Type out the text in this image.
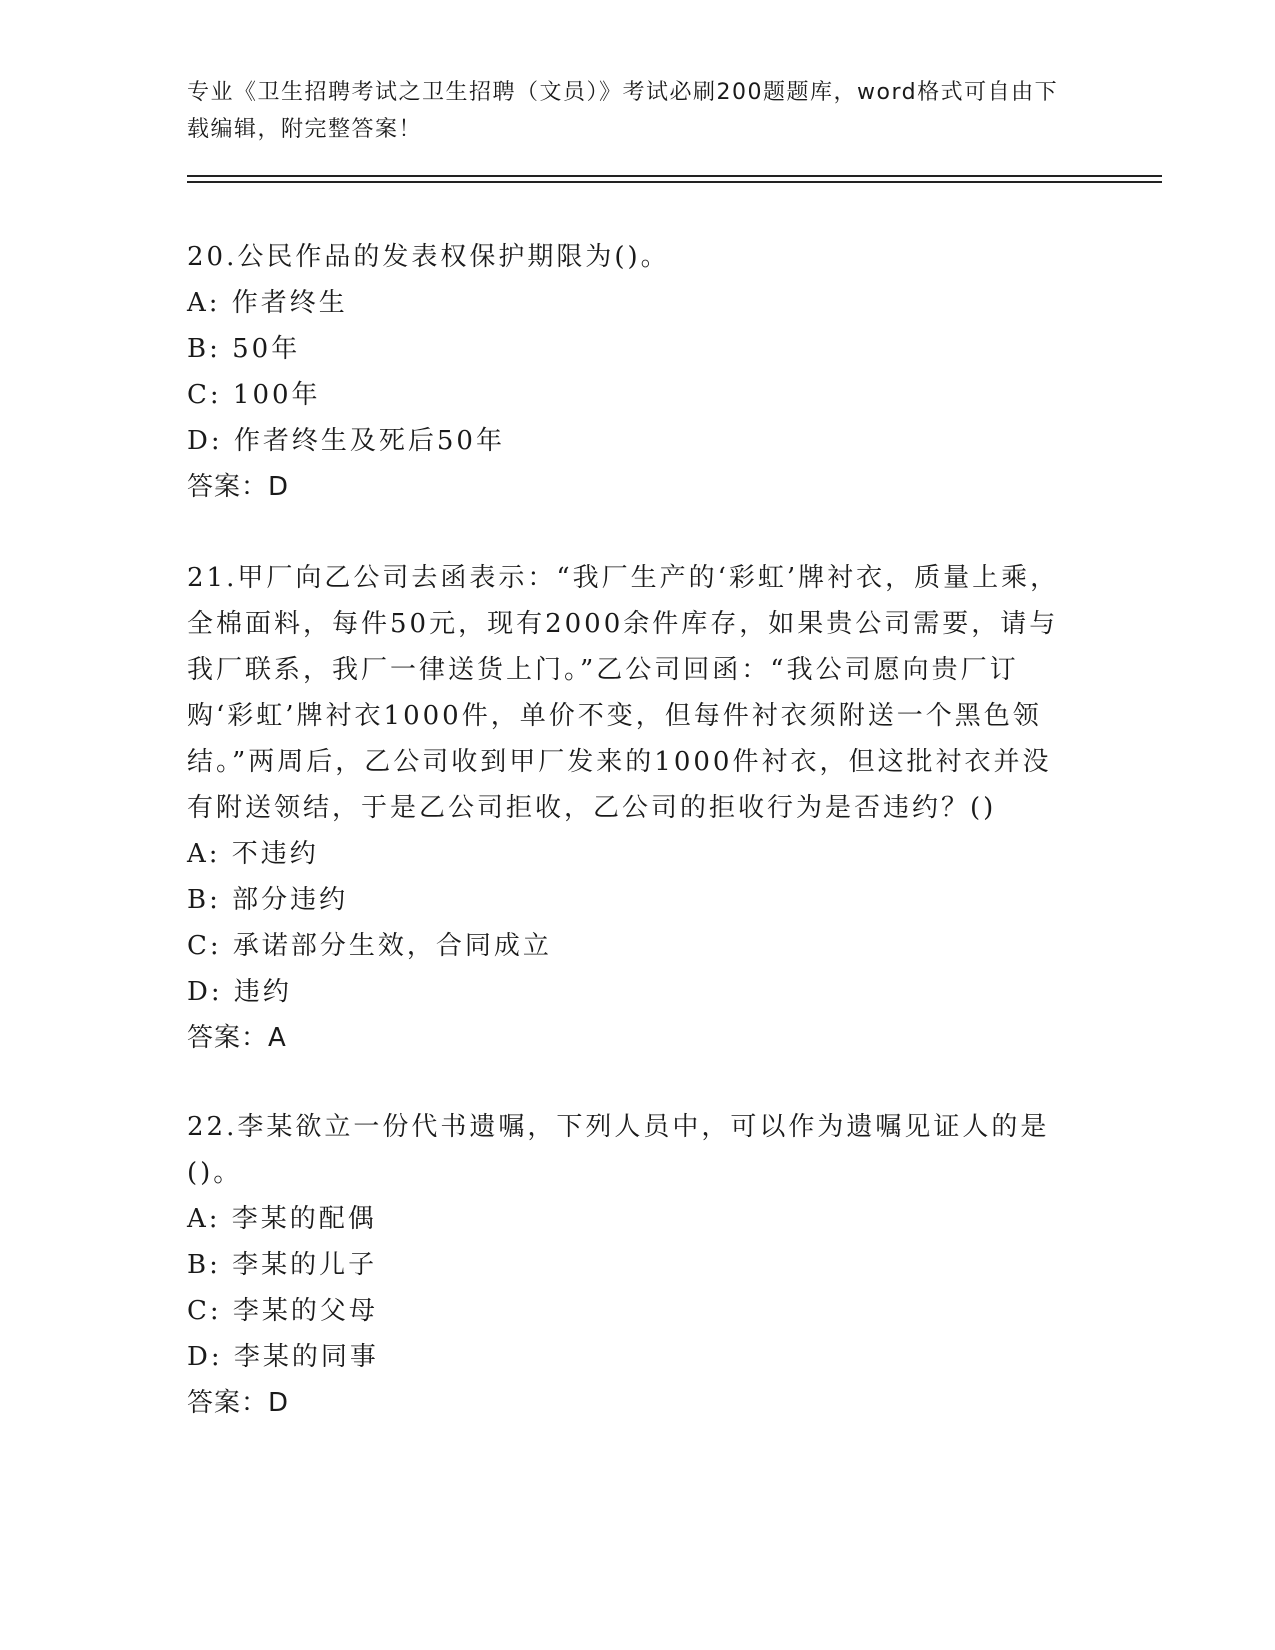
专业《卫生招聘考试之卫生招聘（文员）》考试必刷200题题库，word格式可自由下载编辑，附完整答案！

20.公民作品的发表权保护期限为()。

A: 作者终生

B: 50年

C: 100年

D: 作者终生及死后50年

答案：D

21.甲厂向乙公司去函表示：“我厂生产的‘彩虹’牌衬衣，质量上乘，全棉面料，每件50元，现有2000余件库存，如果贵公司需要，请与我厂联系，我厂一律送货上门。”乙公司回函：“我公司愿向贵厂订购‘彩虹’牌衬衣1000件，单价不变，但每件衬衣须附送一个黑色领结。”两周后，乙公司收到甲厂发来的1000件衬衣，但这批衬衣并没有附送领结，于是乙公司拒收，乙公司的拒收行为是否违约？()

A: 不违约

B: 部分违约

C: 承诺部分生效，合同成立

D: 违约

答案：A

22.李某欲立一份代书遗嘱，下列人员中，可以作为遗嘱见证人的是()。

A: 李某的配偶

B: 李某的儿子

C: 李某的父母

D: 李某的同事

答案：D
